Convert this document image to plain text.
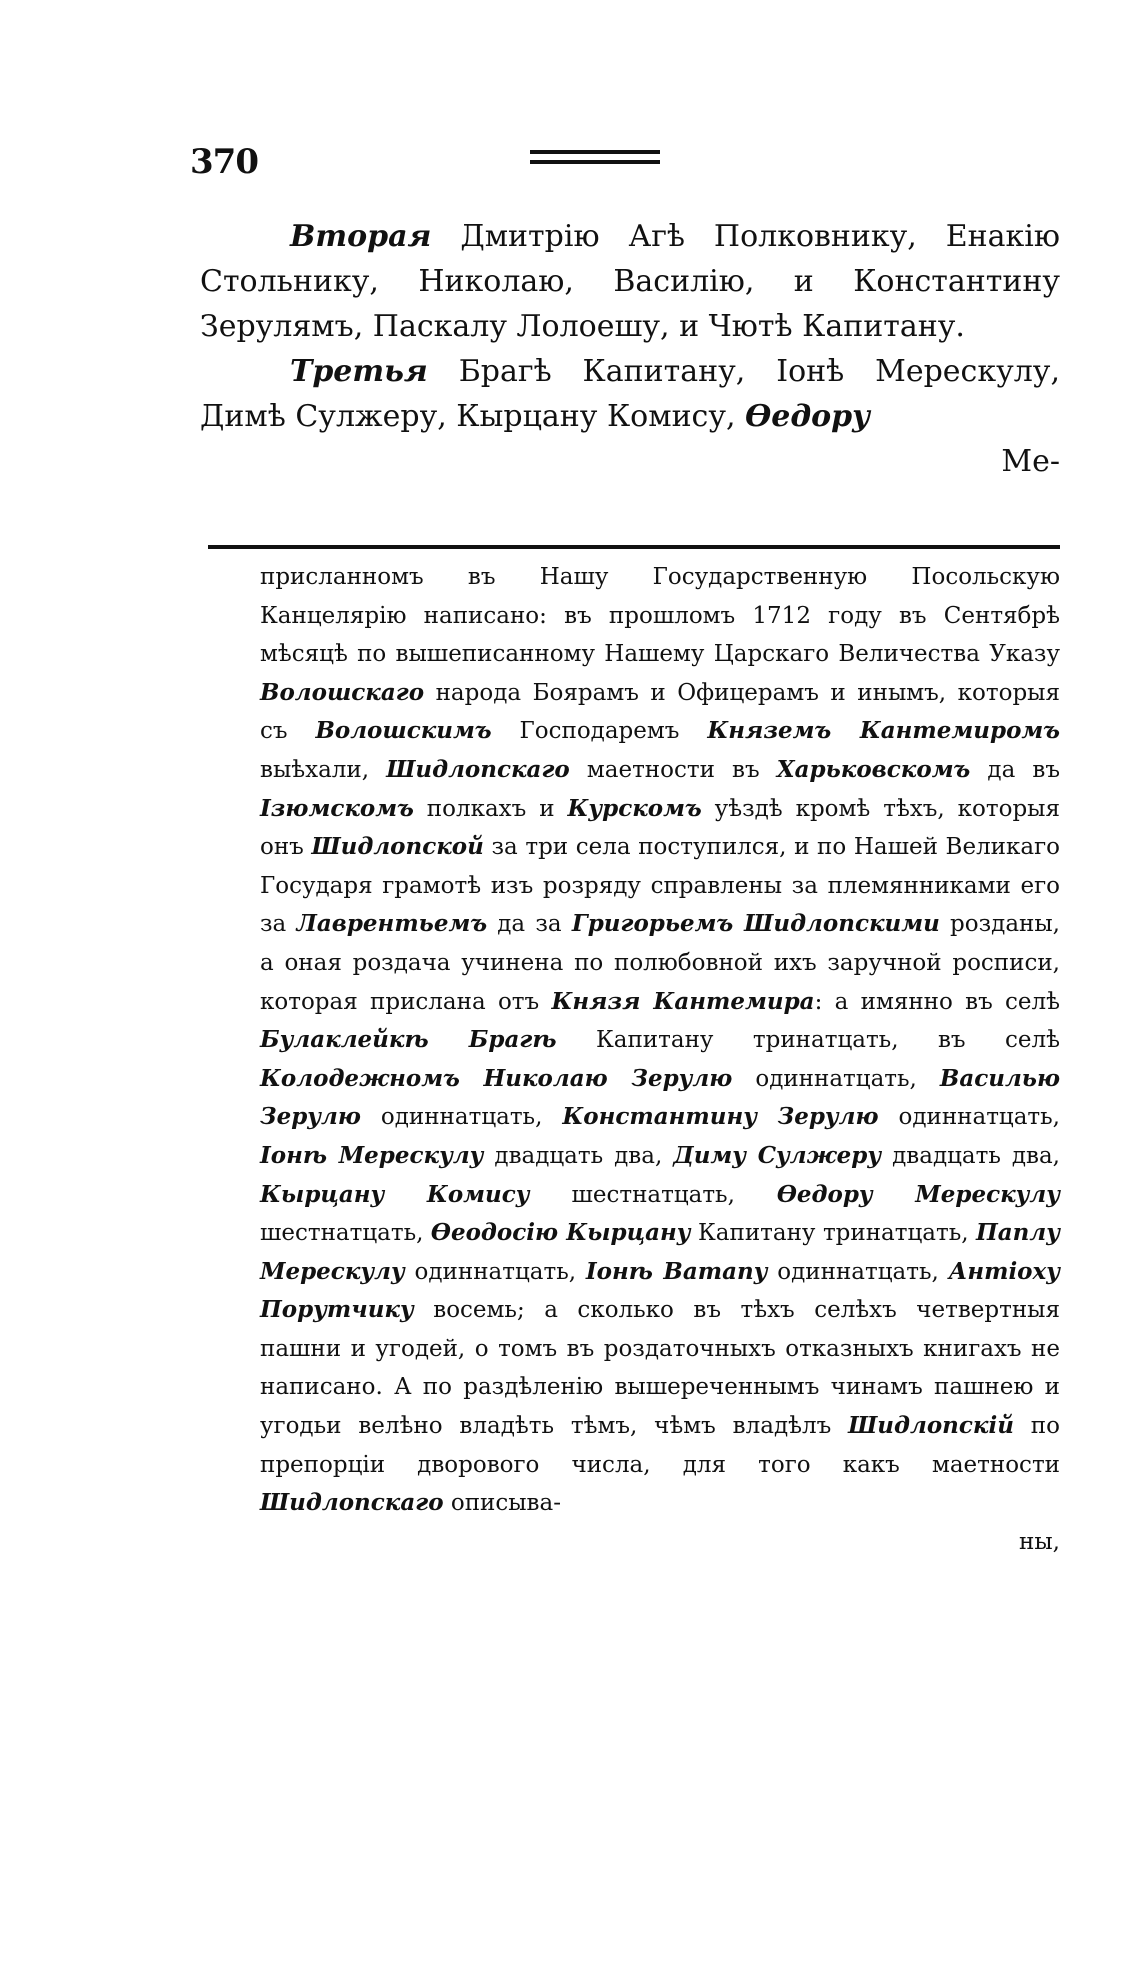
370

Вторая Дмитрію Агѣ Полковнику, Енакію Стольнику, Николаю, Василію, и Константину Зерулямъ, Паскалу Лолоешу, и Чютѣ Капитану.

Третья Брагѣ Капитану, Іонѣ Мерескулу, Димѣ Сулжеру, Кырцану Комису, Ѳедору

Ме-

присланномъ въ Нашу Государственную Посольскую Канцелярію написано: въ прошломъ 1712 году въ Сентябрѣ мѣсяцѣ по вышеписанному Нашему Царскаго Величества Указу Волошскаго народа Боярамъ и Офицерамъ и инымъ, которыя съ Волошскимъ Господаремъ Княземъ Кантемиромъ выѣхали, Шидлопскаго маетности въ Харьковскомъ да въ Ізюмскомъ полкахъ и Курскомъ уѣздѣ кромѣ тѣхъ, которыя онъ Шидлопской за три села поступился, и по Нашей Великаго Государя грамотѣ изъ розряду справлены за племянниками его за Лаврентьемъ да за Григорьемъ Шидлопскими розданы, а оная роздача учинена по полюбовной ихъ заручной росписи, которая прислана отъ Князя Кантемира: а имянно въ селѣ Булаклейкѣ Брагѣ Капитану тринатцать, въ селѣ Колодежномъ Николаю Зерулю одиннатцать, Василью Зерулю одиннатцать, Константину Зерулю одиннатцать, Іонѣ Мерескулу двадцать два, Диму Сулжеру двадцать два, Кырцану Комису шестнатцать, Ѳедору Мерескулу шестнатцать, Ѳеодосію Кырцану Капитану тринатцать, Паплу Мерескулу одиннатцать, Іонѣ Ватапу одиннатцать, Антіоху Порутчику восемь; а сколько въ тѣхъ селѣхъ четвертныя пашни и угодей, о томъ въ роздаточныхъ отказныхъ книгахъ не написано. А по раздѣленію вышереченнымъ чинамъ пашнею и угодьи велѣно владѣть тѣмъ, чѣмъ владѣлъ Шидлопскій по препорціи дворового числа, для того какъ маетности Шидлопскаго описыва-

ны,
